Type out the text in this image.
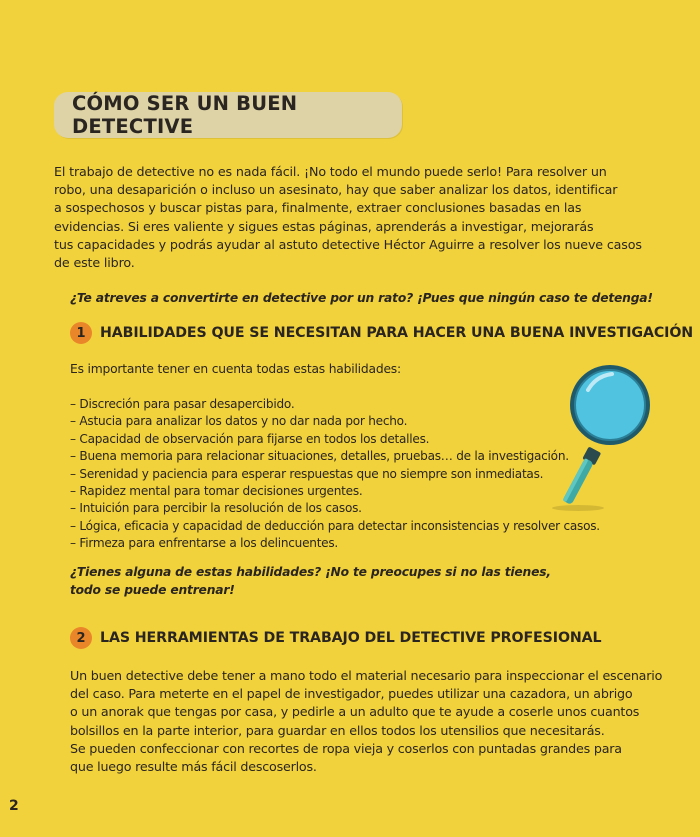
CÓMO SER UN BUEN DETECTIVE
El trabajo de detective no es nada fácil. ¡No todo el mundo puede serlo! Para resolver un
robo, una desaparición o incluso un asesinato, hay que saber analizar los datos, identificar
a sospechosos y buscar pistas para, finalmente, extraer conclusiones basadas en las
evidencias. Si eres valiente y sigues estas páginas, aprenderás a investigar, mejorarás
tus capacidades y podrás ayudar al astuto detective Héctor Aguirre a resolver los nueve casos
de este libro.
¿Te atreves a convertirte en detective por un rato? ¡Pues que ningún caso te detenga!
1	HABILIDADES QUE SE NECESITAN PARA HACER UNA BUENA INVESTIGACIÓN
Es importante tener en cuenta todas estas habilidades:
– Discreción para pasar desapercibido.
– Astucia para analizar los datos y no dar nada por hecho.
– Capacidad de observación para fijarse en todos los detalles.
– Buena memoria para relacionar situaciones, detalles, pruebas… de la investigación.
– Serenidad y paciencia para esperar respuestas que no siempre son inmediatas.
– Rapidez mental para tomar decisiones urgentes.
– Intuición para percibir la resolución de los casos.
– Lógica, eficacia y capacidad de deducción para detectar inconsistencias y resolver casos.
– Firmeza para enfrentarse a los delincuentes.
¿Tienes alguna de estas habilidades? ¡No te preocupes si no las tienes,
todo se puede entrenar!
2	LAS HERRAMIENTAS DE TRABAJO DEL DETECTIVE PROFESIONAL
Un buen detective debe tener a mano todo el material necesario para inspeccionar el escenario
del caso. Para meterte en el papel de investigador, puedes utilizar una cazadora, un abrigo
o un anorak que tengas por casa, y pedirle a un adulto que te ayude a coserle unos cuantos
bolsillos en la parte interior, para guardar en ellos todos los utensilios que necesitarás.
Se pueden confeccionar con recortes de ropa vieja y coserlos con puntadas grandes para
que luego resulte más fácil descoserlos.
2
